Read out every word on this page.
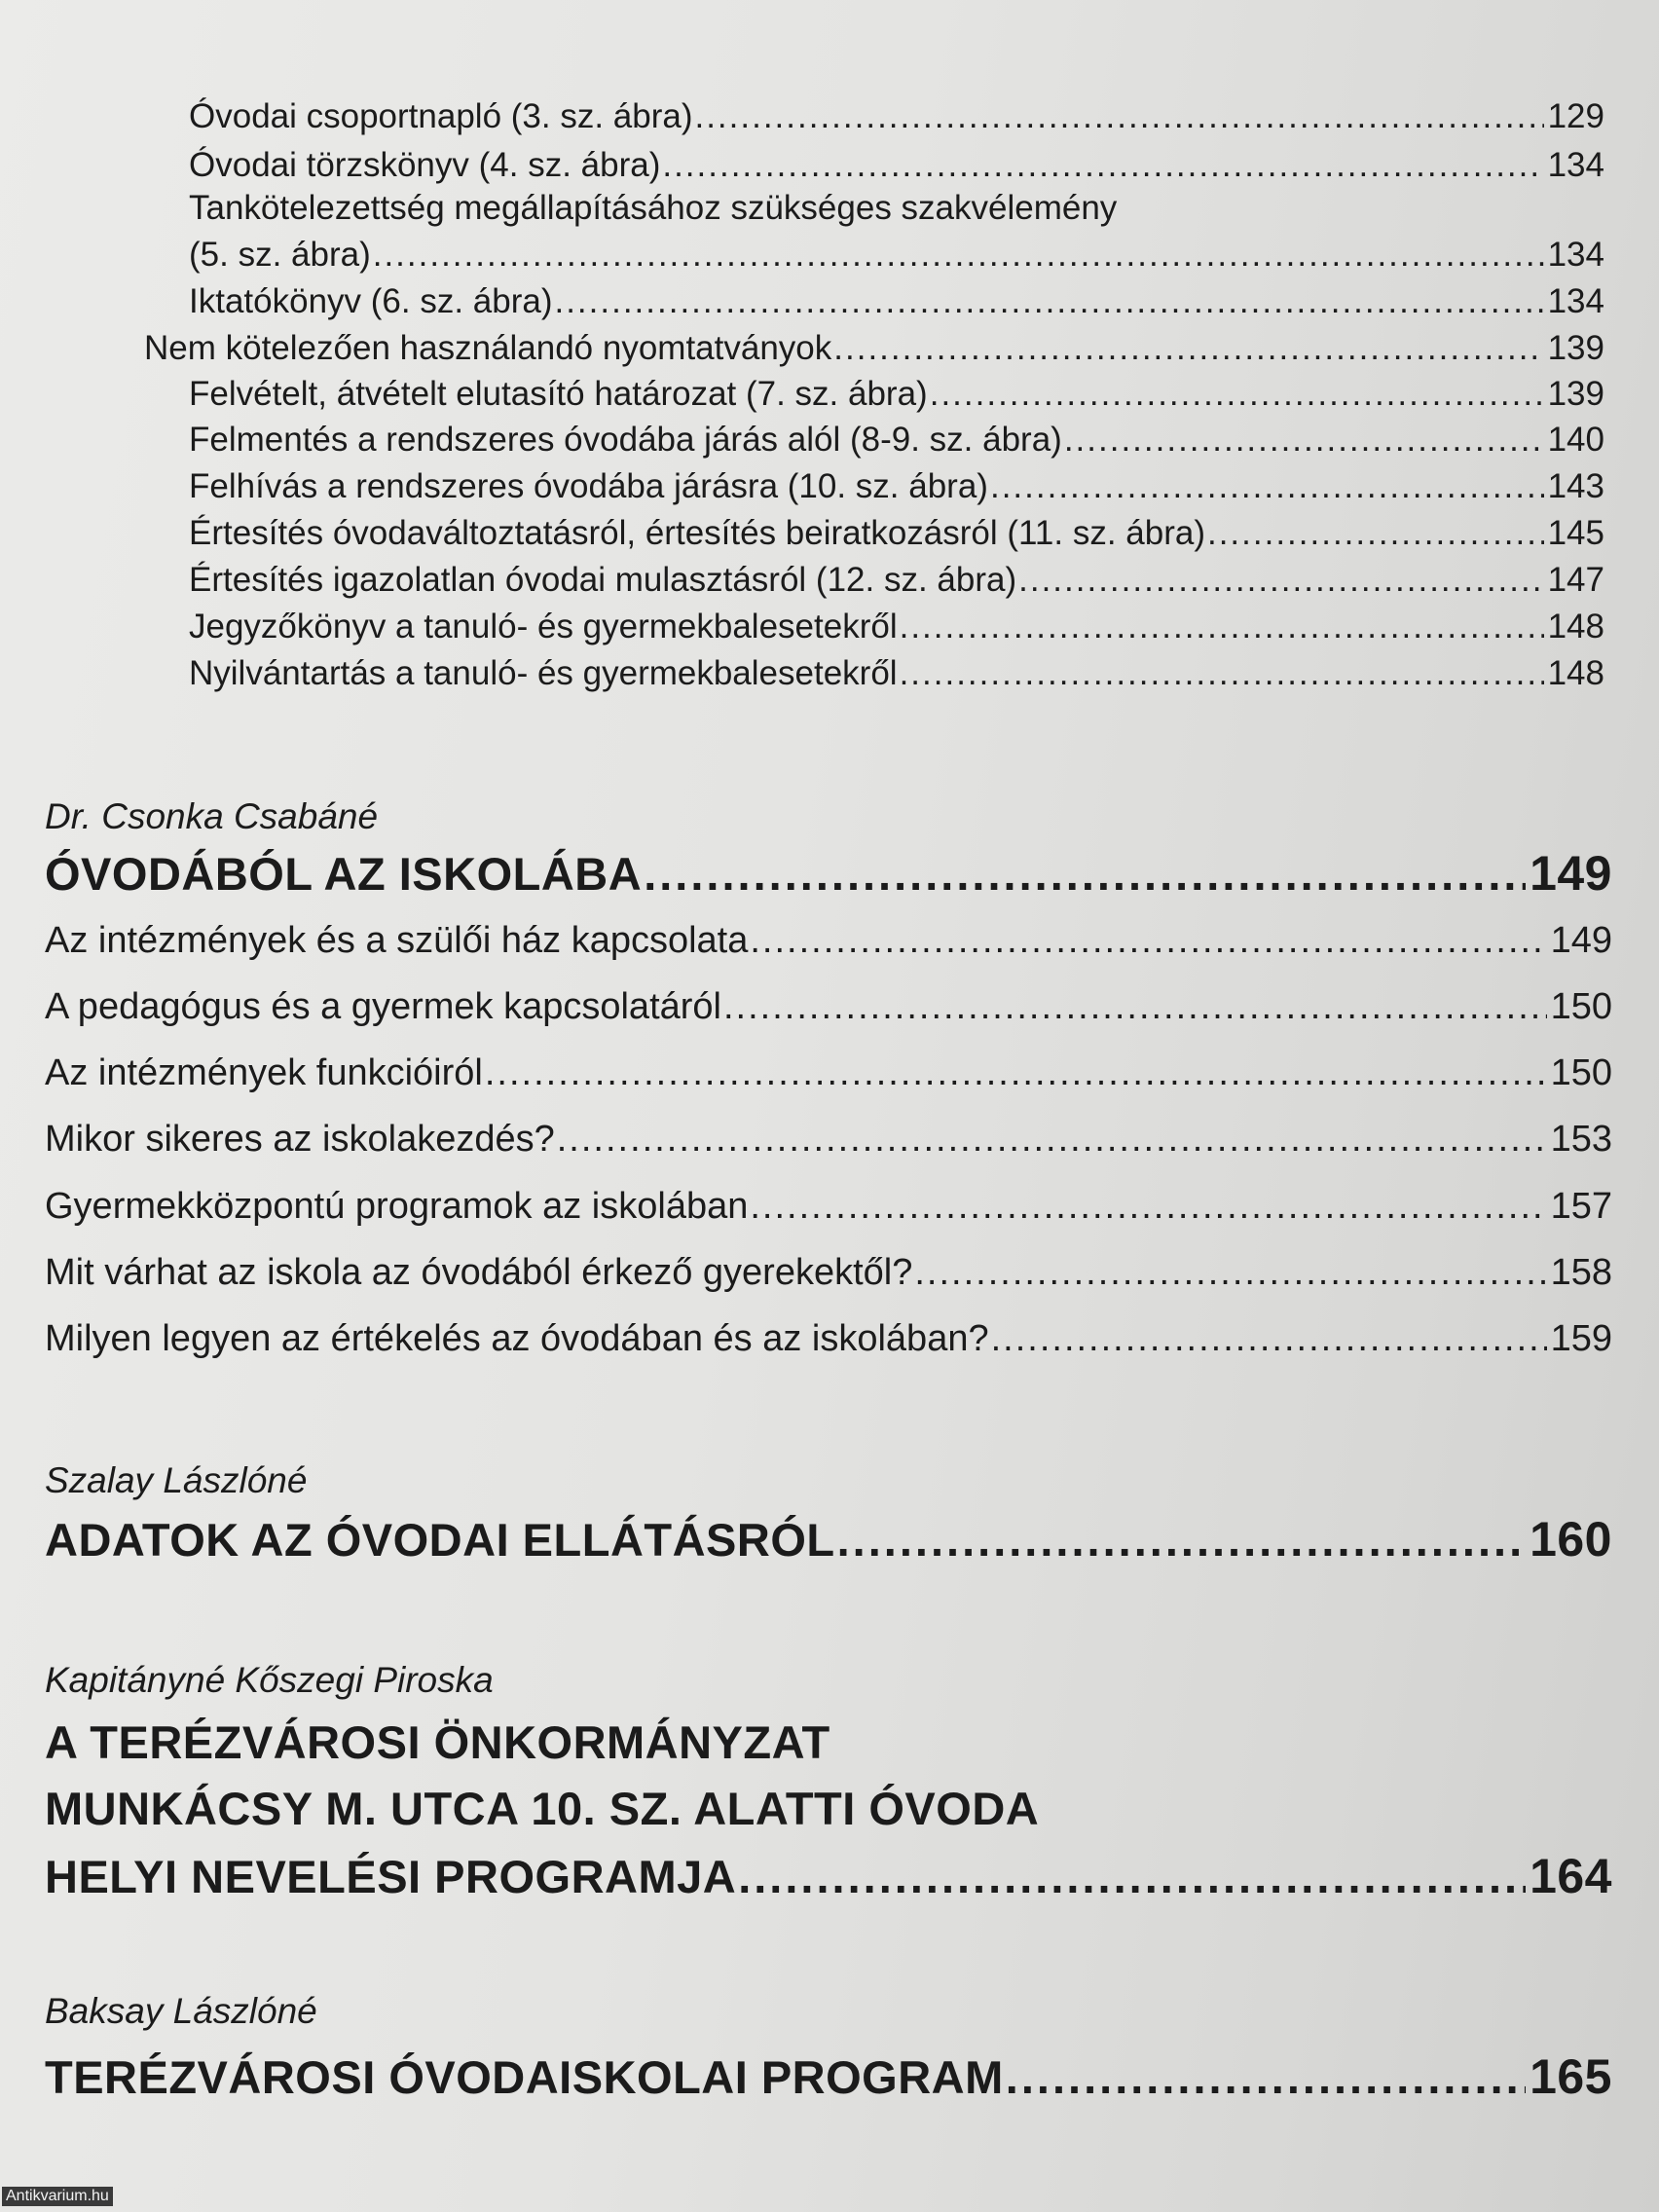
Óvodai csoportnapló (3. sz. ábra) .....	129
Óvodai törzskönyv (4. sz. ábra) .....	134
Tankötelezettség megállapításához szükséges szakvélemény
(5. sz. ábra) .....	134
Iktatókönyv (6. sz. ábra) .....	134
Nem kötelezően használandó nyomtatványok .....	139
Felvételt, átvételt elutasító határozat (7. sz. ábra) .....	139
Felmentés a rendszeres óvodába járás alól (8-9. sz. ábra) .....	140
Felhívás a rendszeres óvodába járásra (10. sz. ábra) .....	143
Értesítés óvodaváltoztatásról, értesítés beiratkozásról (11. sz. ábra) .....	145
Értesítés igazolatlan óvodai mulasztásról (12. sz. ábra) .....	147
Jegyzőkönyv a tanuló- és gyermekbalesetekről .....	148
Nyilvántartás a tanuló- és gyermekbalesetekről .....	148
Dr. Csonka Csabáné
ÓVODÁBÓL AZ ISKOLÁBA .....	149
Az intézmények és a szülői ház kapcsolata .....	149
A pedagógus és a gyermek kapcsolatáról .....	150
Az intézmények funkcióiról .....	150
Mikor sikeres az iskolakezdés? .....	153
Gyermekközpontú programok az iskolában .....	157
Mit várhat az iskola az óvodából érkező gyerekektől? .....	158
Milyen legyen az értékelés az óvodában és az iskolában? .....	159
Szalay Lászlóné
ADATOK AZ ÓVODAI ELLÁTÁSRÓL .....	160
Kapitányné Kőszegi Piroska
A TERÉZVÁROSI ÖNKORMÁNYZAT
MUNKÁCSY M. UTCA 10. SZ. ALATTI ÓVODA
HELYI NEVELÉSI PROGRAMJA .....	164
Baksay Lászlóné
TERÉZVÁROSI ÓVODAISKOLAI PROGRAM .....	165
Antikvarium.hu
